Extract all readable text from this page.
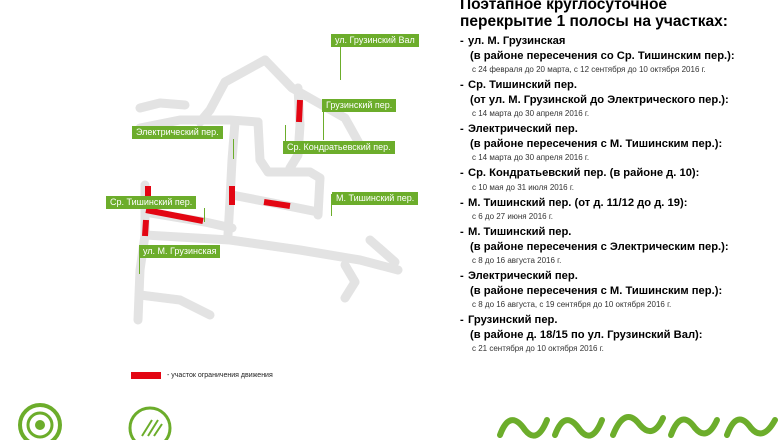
ул. Грузинский Вал
Грузинский пер.
Электрический пер.
Ср. Кондратьевский пер.
М. Тишинский пер.
Ср. Тишинский пер.
ул. М. Грузинская
- участок ограничения движения
Поэтапное круглосуточное
перекрытие 1 полосы на участках:
- ул. М. Грузинская
(в районе пересечения со Ср. Тишинским пер.):
с 24 февраля до 20 марта, с 12 сентября до 10 октября 2016 г.
- Ср. Тишинский пер.
(от ул. М. Грузинской до Электрического пер.):
с 14 марта до 30 апреля 2016 г.
- Электрический пер.
(в районе пересечения с М. Тишинским пер.):
с 14 марта до 30 апреля 2016 г.
- Ср. Кондратьевский пер. (в районе д. 10):
с 10 мая до 31 июля 2016 г.
- М. Тишинский пер. (от д. 11/12 до д. 19):
с 6 до 27 июня 2016 г.
- М. Тишинский пер.
(в районе пересечения с Электрическим пер.):
с 8 до 16 августа 2016 г.
- Электрический пер.
(в районе пересечения с М. Тишинским пер.):
с 8 до 16 августа, с 19 сентября до 10 октября 2016 г.
- Грузинский пер.
(в районе д. 18/15 по ул. Грузинский Вал):
с 21 сентября до 10 октября 2016 г.
